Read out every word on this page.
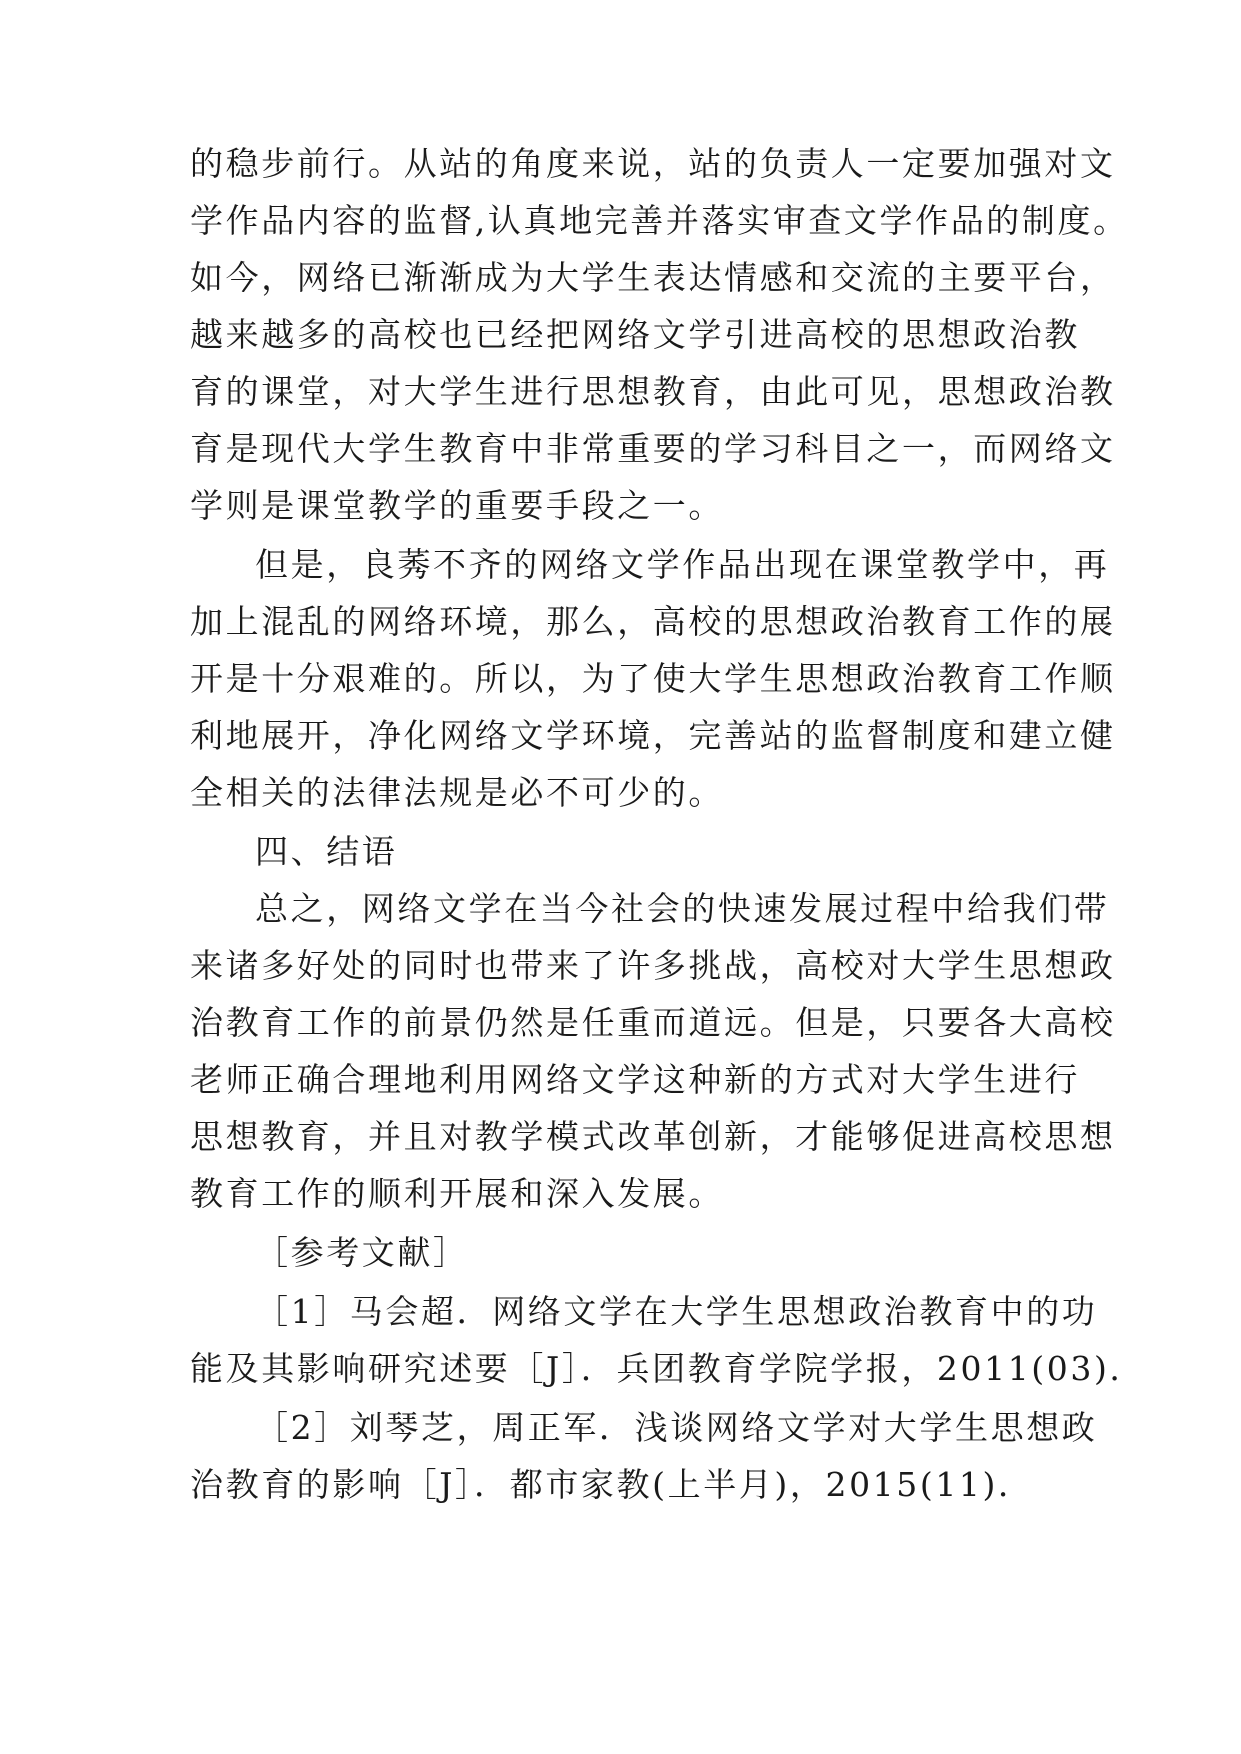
的稳步前行。从站的角度来说，站的负责人一定要加强对文
学作品内容的监督,认真地完善并落实审查文学作品的制度。
如今，网络已渐渐成为大学生表达情感和交流的主要平台，
越来越多的高校也已经把网络文学引进高校的思想政治教
育的课堂，对大学生进行思想教育，由此可见，思想政治教
育是现代大学生教育中非常重要的学习科目之一，而网络文
学则是课堂教学的重要手段之一。
但是，良莠不齐的网络文学作品出现在课堂教学中，再
加上混乱的网络环境，那么，高校的思想政治教育工作的展
开是十分艰难的。所以，为了使大学生思想政治教育工作顺
利地展开，净化网络文学环境，完善站的监督制度和建立健
全相关的法律法规是必不可少的。
四、结语
总之，网络文学在当今社会的快速发展过程中给我们带
来诸多好处的同时也带来了许多挑战，高校对大学生思想政
治教育工作的前景仍然是任重而道远。但是，只要各大高校
老师正确合理地利用网络文学这种新的方式对大学生进行
思想教育，并且对教学模式改革创新，才能够促进高校思想
教育工作的顺利开展和深入发展。
［参考文献］
［1］马会超．网络文学在大学生思想政治教育中的功
能及其影响研究述要［J］．兵团教育学院学报，2011(03)．
［2］刘琴芝，周正军．浅谈网络文学对大学生思想政
治教育的影响［J］．都市家教(上半月)，2015(11)．
